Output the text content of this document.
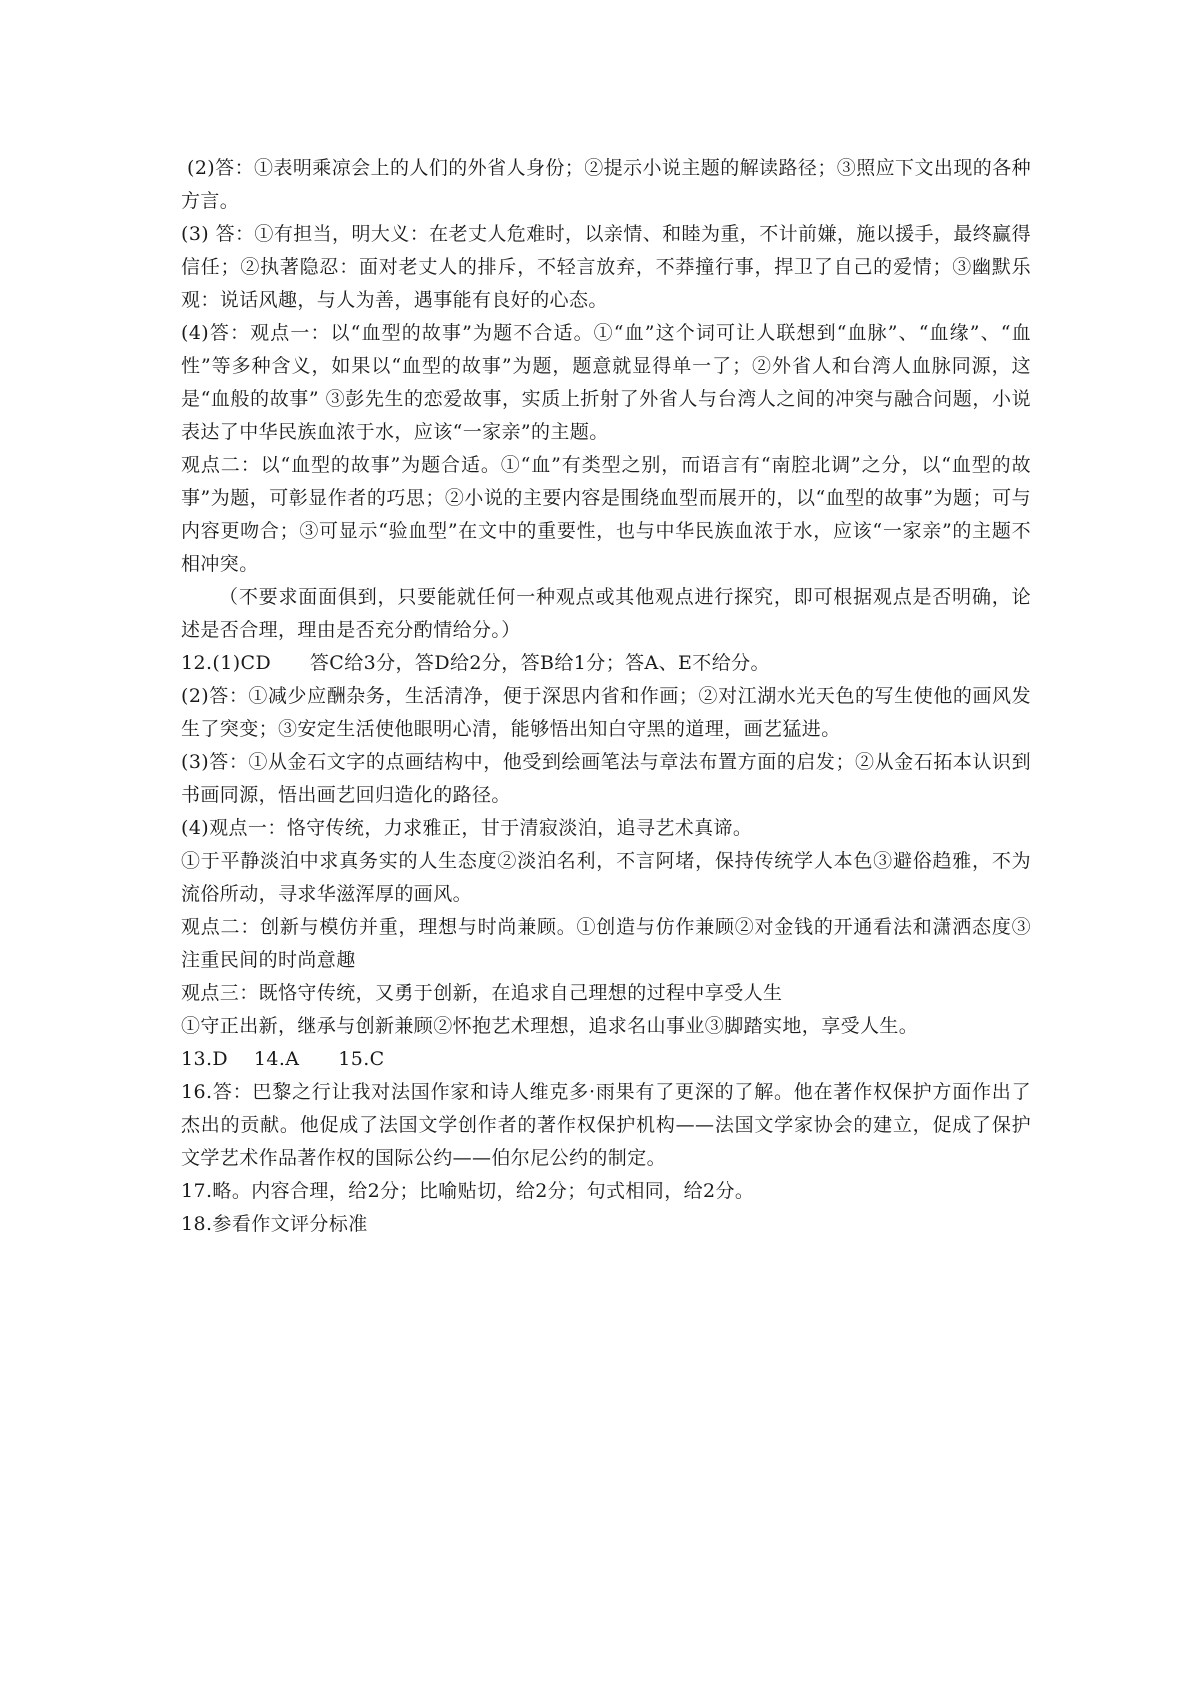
(2)答：①表明乘凉会上的人们的外省人身份；②提示小说主题的解读路径；③照应下文出现的各种方言。

(3) 答：①有担当，明大义：在老丈人危难时，以亲情、和睦为重，不计前嫌，施以援手，最终赢得信任；②执著隐忍：面对老丈人的排斥，不轻言放弃，不莽撞行事，捍卫了自己的爱情；③幽默乐观：说话风趣，与人为善，遇事能有良好的心态。

(4)答：观点一：以“血型的故事”为题不合适。①“血”这个词可让人联想到“血脉”、“血缘”、“血性”等多种含义，如果以“血型的故事”为题，题意就显得单一了；②外省人和台湾人血脉同源，这是“血般的故事” ③彭先生的恋爱故事，实质上折射了外省人与台湾人之间的冲突与融合问题，小说表达了中华民族血浓于水，应该“一家亲”的主题。

观点二：以“血型的故事”为题合适。①“血”有类型之别，而语言有“南腔北调”之分，以“血型的故事”为题，可彰显作者的巧思；②小说的主要内容是围绕血型而展开的，以“血型的故事”为题；可与内容更吻合；③可显示“验血型”在文中的重要性，也与中华民族血浓于水，应该“一家亲”的主题不相冲突。

（不要求面面俱到，只要能就任何一种观点或其他观点进行探究，即可根据观点是否明确，论述是否合理，理由是否充分酌情给分。）

12.(1)CD　　答C给3分，答D给2分，答B给1分；答A、E不给分。

(2)答：①减少应酬杂务，生活清净，便于深思内省和作画；②对江湖水光天色的写生使他的画风发生了突变；③安定生活使他眼明心清，能够悟出知白守黑的道理，画艺猛进。

(3)答：①从金石文字的点画结构中，他受到绘画笔法与章法布置方面的启发；②从金石拓本认识到书画同源，悟出画艺回归造化的路径。

(4)观点一：恪守传统，力求雅正，甘于清寂淡泊，追寻艺术真谛。

①于平静淡泊中求真务实的人生态度②淡泊名利，不言阿堵，保持传统学人本色③避俗趋雅，不为流俗所动，寻求华滋浑厚的画风。

观点二：创新与模仿并重，理想与时尚兼顾。①创造与仿作兼顾②对金钱的开通看法和潇洒态度③注重民间的时尚意趣

观点三：既恪守传统，又勇于创新，在追求自己理想的过程中享受人生

①守正出新，继承与创新兼顾②怀抱艺术理想，追求名山事业③脚踏实地，享受人生。

13.D　 14.A　　15.C

16.答：巴黎之行让我对法国作家和诗人维克多·雨果有了更深的了解。他在著作权保护方面作出了杰出的贡献。他促成了法国文学创作者的著作权保护机构——法国文学家协会的建立，促成了保护文学艺术作品著作权的国际公约——伯尔尼公约的制定。

17.略。内容合理，给2分；比喻贴切，给2分；句式相同，给2分。

18.参看作文评分标准
